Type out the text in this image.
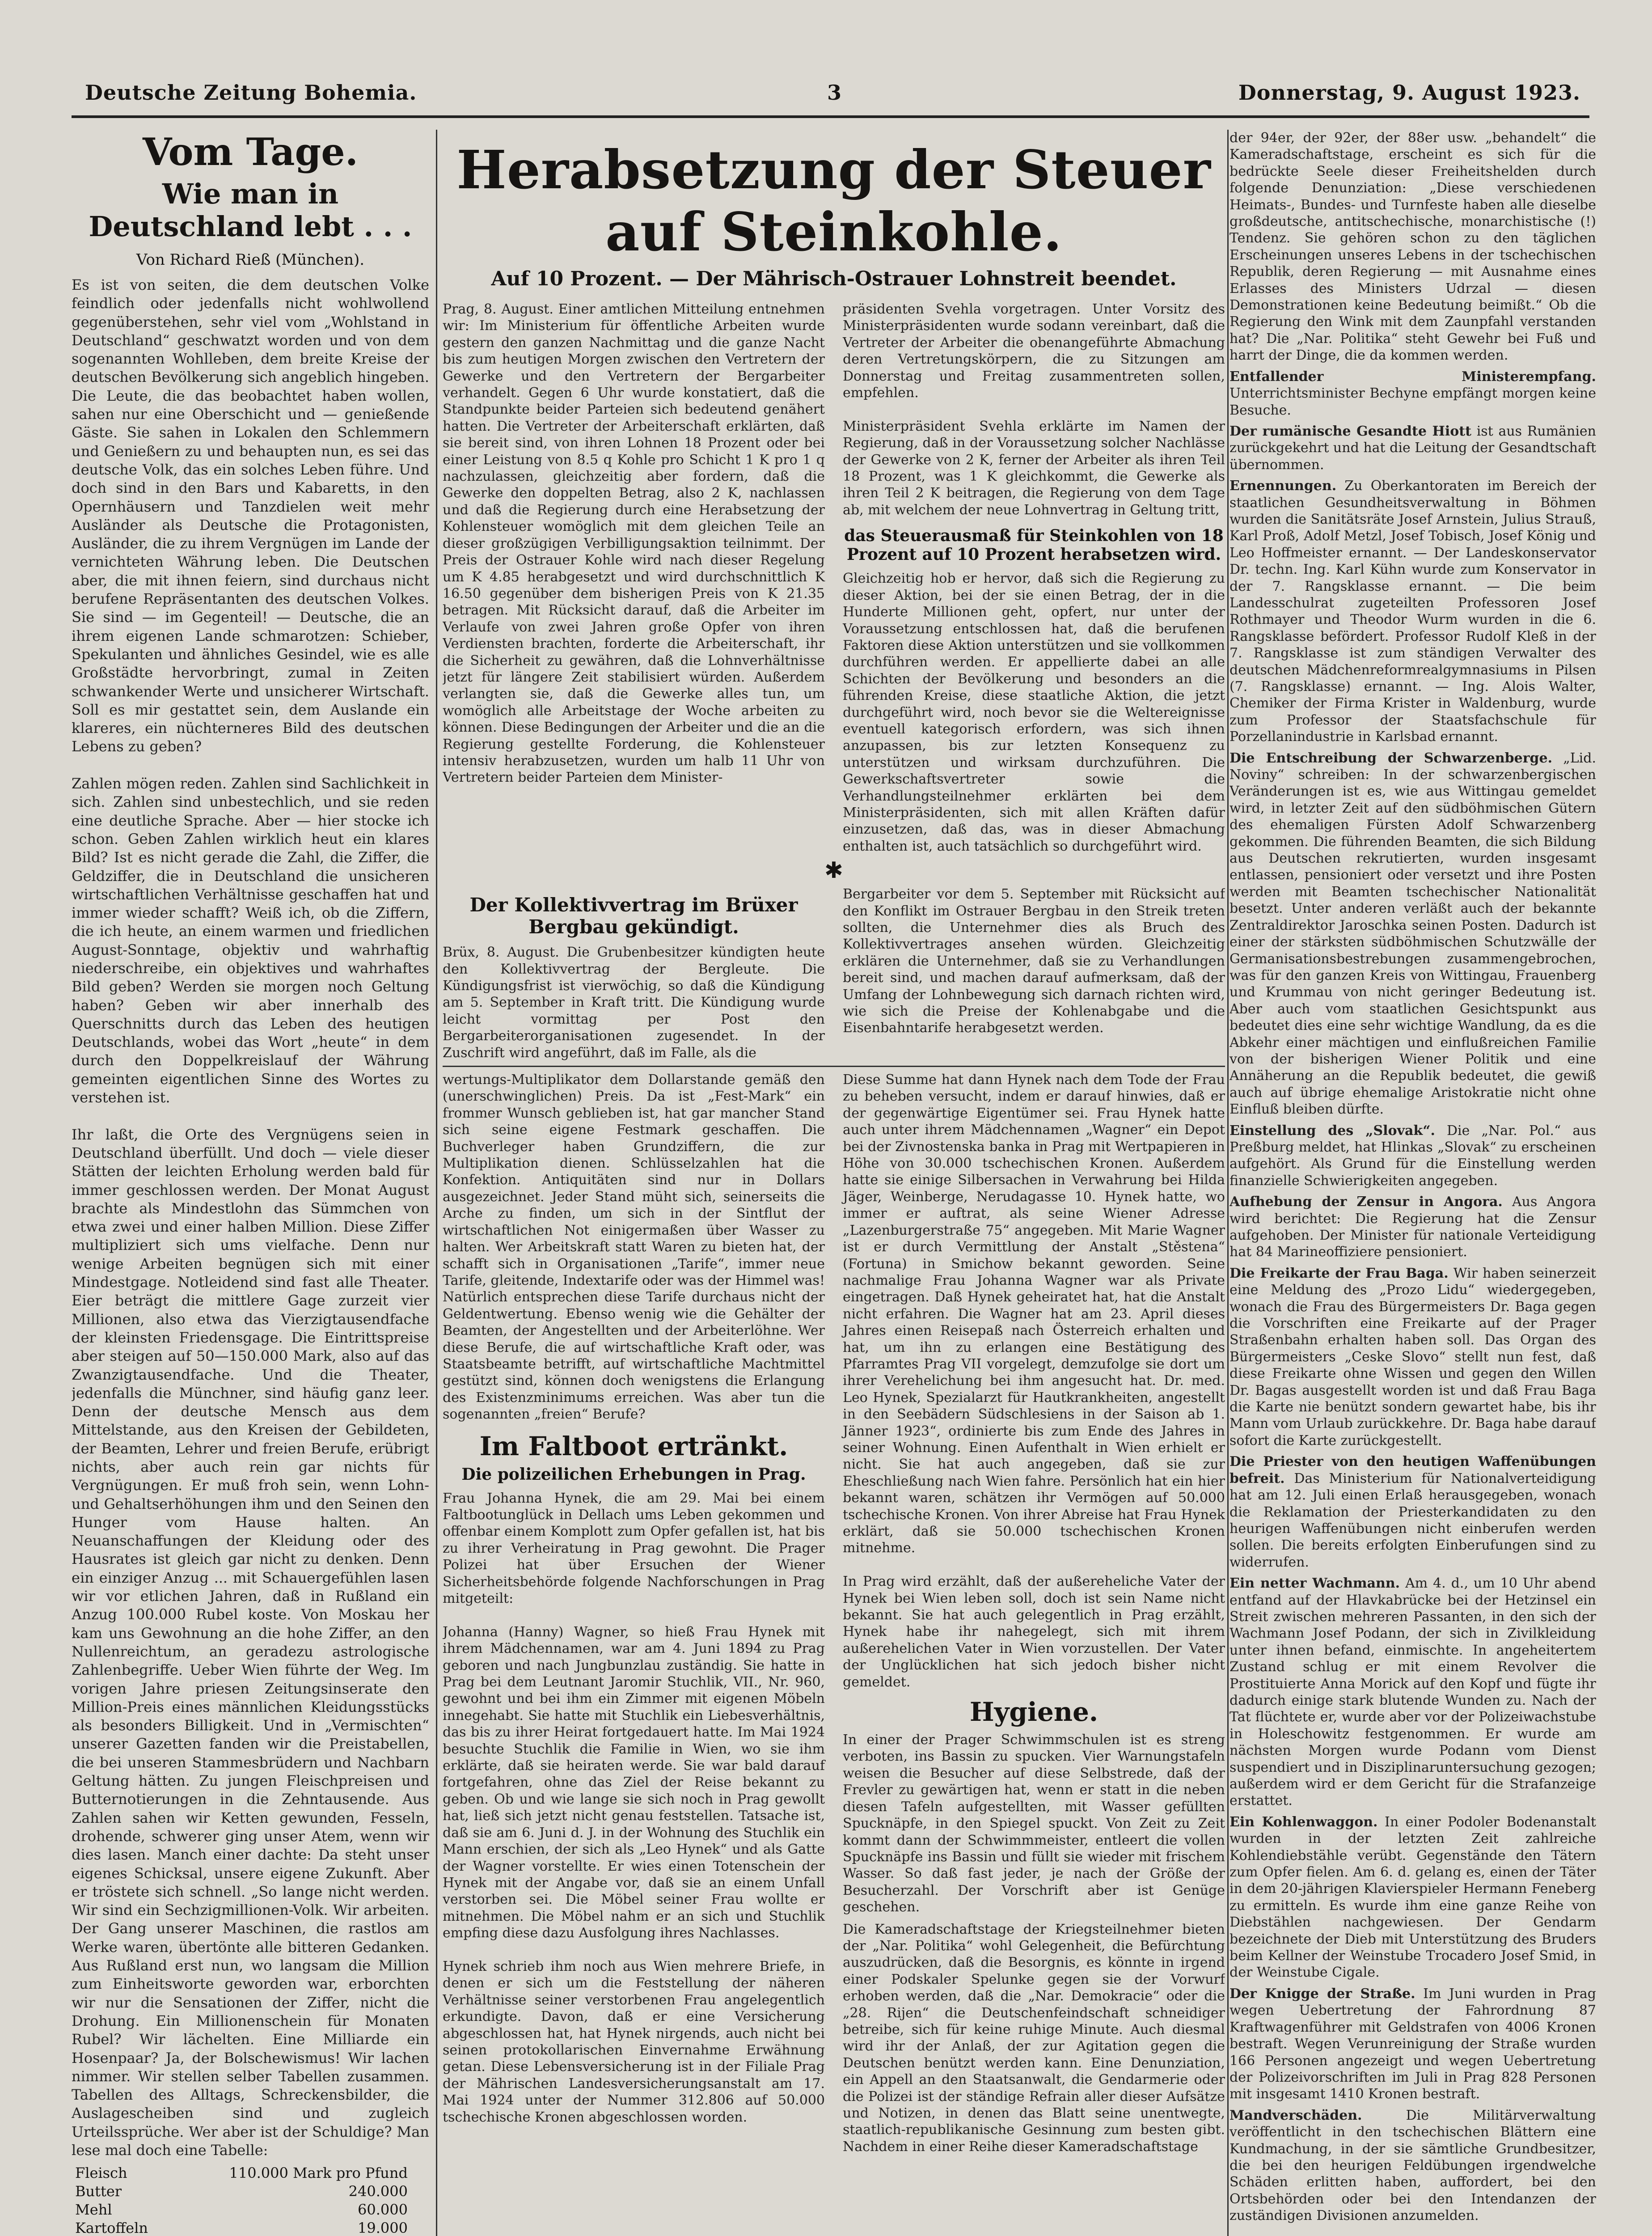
Deutsche Zeitung Bohemia.	3	Donnerstag, 9. August 1923.
Vom Tage.
Wie man in Deutschland lebt . . .
Von Richard Rieß (München).

Es ist von seiten, die dem deutschen Volke feindlich oder jedenfalls nicht wohlwollend gegenüberstehen, sehr viel vom „Wohlstand in Deutschland“ geschwatzt worden und von dem sogenannten Wohlleben, dem breite Kreise der deutschen Bevölkerung sich angeblich hingeben. Die Leute, die das beobachtet haben wollen, sahen nur eine Oberschicht und — genießende Gäste. Sie sahen in Lokalen den Schlemmern und Genießern zu und behaupten nun, es sei das deutsche Volk, das ein solches Leben führe. Und doch sind in den Bars und Kabaretts, in den Opernhäusern und Tanzdielen weit mehr Ausländer als Deutsche die Protagonisten, Ausländer, die zu ihrem Vergnügen im Lande der vernichteten Währung leben. Die Deutschen aber, die mit ihnen feiern, sind durchaus nicht berufene Repräsentanten des deutschen Volkes. Sie sind — im Gegenteil! — Deutsche, die an ihrem eigenen Lande schmarotzen: Schieber, Spekulanten und ähnliches Gesindel, wie es alle Großstädte hervorbringt, zumal in Zeiten schwankender Werte und unsicherer Wirtschaft. Soll es mir gestattet sein, dem Auslande ein klareres, ein nüchterneres Bild des deutschen Lebens zu geben?

Zahlen mögen reden. Zahlen sind Sachlichkeit in sich. Zahlen sind unbestechlich, und sie reden eine deutliche Sprache. Aber — hier stocke ich schon. Geben Zahlen wirklich heut ein klares Bild? Ist es nicht gerade die Zahl, die Ziffer, die Geldziffer, die in Deutschland die unsicheren wirtschaftlichen Verhältnisse geschaffen hat und immer wieder schafft? Weiß ich, ob die Ziffern, die ich heute, an einem warmen und friedlichen August-Sonntage, objektiv und wahrhaftig niederschreibe, ein objektives und wahrhaftes Bild geben? Werden sie morgen noch Geltung haben? Geben wir aber innerhalb des Querschnitts durch das Leben des heutigen Deutschlands, wobei das Wort „heute“ in dem durch den Doppelkreislauf der Währung gemeinten eigentlichen Sinne des Wortes zu verstehen ist.

Ihr laßt, die Orte des Vergnügens seien in Deutschland überfüllt. Und doch — viele dieser Stätten der leichten Erholung werden bald für immer geschlossen werden. Der Monat August brachte als Mindestlohn das Sümmchen von etwa zwei und einer halben Million. Diese Ziffer multipliziert sich ums vielfache. Denn nur wenige Arbeiten begnügen sich mit einer Mindestgage. Notleidend sind fast alle Theater. Eier beträgt die mittlere Gage zurzeit vier Millionen, also etwa das Vierzigtausendfache der kleinsten Friedensgage. Die Eintrittspreise aber steigen auf 50—150.000 Mark, also auf das Zwanzigtausendfache. Und die Theater, jedenfalls die Münchner, sind häufig ganz leer. Denn der deutsche Mensch aus dem Mittelstande, aus den Kreisen der Gebildeten, der Beamten, Lehrer und freien Berufe, erübrigt nichts, aber auch rein gar nichts für Vergnügungen. Er muß froh sein, wenn Lohn- und Gehaltserhöhungen ihm und den Seinen den Hunger vom Hause halten. An Neuanschaffungen der Kleidung oder des Hausrates ist gleich gar nicht zu denken. Denn ein einziger Anzug ... mit Schauergefühlen lasen wir vor etlichen Jahren, daß in Rußland ein Anzug 100.000 Rubel koste. Von Moskau her kam uns Gewohnung an die hohe Ziffer, an den Nullenreichtum, an geradezu astrologische Zahlenbegriffe. Ueber Wien führte der Weg. Im vorigen Jahre priesen Zeitungsinserate den Million-Preis eines männlichen Kleidungsstücks als besonders Billigkeit. Und in „Vermischten“ unserer Gazetten fanden wir die Preistabellen, die bei unseren Stammesbrüdern und Nachbarn Geltung hätten. Zu jungen Fleischpreisen und Butternotierungen in die Zehntausende. Aus Zahlen sahen wir Ketten gewunden, Fesseln, drohende, schwerer ging unser Atem, wenn wir dies lasen. Manch einer dachte: Da steht unser eigenes Schicksal, unsere eigene Zukunft. Aber er tröstete sich schnell. „So lange nicht werden. Wir sind ein Sechzigmillionen-Volk. Wir arbeiten. Der Gang unserer Maschinen, die rastlos am Werke waren, übertönte alle bitteren Gedanken. Aus Rußland erst nun, wo langsam die Million zum Einheitsworte geworden war, erborchten wir nur die Sensationen der Ziffer, nicht die Drohung. Ein Millionenschein für Monaten Rubel? Wir lächelten. Eine Milliarde ein Hosenpaar? Ja, der Bolschewismus! Wir lachen nimmer. Wir stellen selber Tabellen zusammen. Tabellen des Alltags, Schreckensbilder, die Auslagescheiben sind und zugleich Urteilssprüche. Wer aber ist der Schuldige? Man lese mal doch eine Tabelle:

Fleisch	110.000 Mark pro Pfund
Butter	240.000
Mehl	60.000
Kartoffeln	19.000

Herabsetzung der Steuer auf Steinkohle.
Auf 10 Prozent. — Der Mährisch-Ostrauer Lohnstreit beendet.

Prag, 8. August. Einer amtlichen Mitteilung entnehmen wir: Im Ministerium für öffentliche Arbeiten wurde gestern den ganzen Nachmittag und die ganze Nacht bis zum heutigen Morgen zwischen den Vertretern der Gewerke und den Vertretern der Bergarbeiter verhandelt. Gegen 6 Uhr wurde konstatiert, daß die Standpunkte beider Parteien sich bedeutend genähert hatten. Die Vertreter der Arbeiterschaft erklärten, daß sie bereit sind, von ihren Lohnen 18 Prozent oder bei einer Leistung von 8.5 q Kohle pro Schicht 1 K pro 1 q nachzulassen, gleichzeitig aber fordern, daß die Gewerke den doppelten Betrag, also 2 K, nachlassen und daß die Regierung durch eine Herabsetzung der Kohlensteuer womöglich mit dem gleichen Teile an dieser großzügigen Verbilligungsaktion teilnimmt. Der Preis der Ostrauer Kohle wird nach dieser Regelung um K 4.85 herabgesetzt und wird durchschnittlich K 16.50 gegenüber dem bisherigen Preis von K 21.35 betragen. Mit Rücksicht darauf, daß die Arbeiter im Verlaufe von zwei Jahren große Opfer von ihren Verdiensten brachten, forderte die Arbeiterschaft, ihr die Sicherheit zu gewähren, daß die Lohnverhältnisse jetzt für längere Zeit stabilisiert würden. Außerdem verlangten sie, daß die Gewerke alles tun, um womöglich alle Arbeitstage der Woche arbeiten zu können. Diese Bedingungen der Arbeiter und die an die Regierung gestellte Forderung, die Kohlensteuer intensiv herabzusetzen, wurden um halb 11 Uhr von Vertretern beider Parteien dem Minister-

präsidenten Svehla vorgetragen. Unter Vorsitz des Ministerpräsidenten wurde sodann vereinbart, daß die Vertreter der Arbeiter die obenangeführte Abmachung deren Vertretungskörpern, die zu Sitzungen am Donnerstag und Freitag zusammentreten sollen, empfehlen.

Ministerpräsident Svehla erklärte im Namen der Regierung, daß in der Voraussetzung solcher Nachlässe der Gewerke von 2 K, ferner der Arbeiter als ihren Teil 18 Prozent, was 1 K gleichkommt, die Gewerke als ihren Teil 2 K beitragen, die Regierung von dem Tage ab, mit welchem der neue Lohnvertrag in Geltung tritt,

das Steuerausmaß für Steinkohlen von 18 Prozent auf 10 Prozent herabsetzen wird.

Gleichzeitig hob er hervor, daß sich die Regierung zu dieser Aktion, bei der sie einen Betrag, der in die Hunderte Millionen geht, opfert, nur unter der Voraussetzung entschlossen hat, daß die berufenen Faktoren diese Aktion unterstützen und sie vollkommen durchführen werden. Er appellierte dabei an alle Schichten der Bevölkerung und besonders an die führenden Kreise, diese staatliche Aktion, die jetzt durchgeführt wird, noch bevor sie die Weltereignisse eventuell kategorisch erfordern, was sich ihnen anzupassen, bis zur letzten Konsequenz zu unterstützen und wirksam durchzuführen. Die Gewerkschaftsvertreter sowie die Verhandlungsteilnehmer erklärten bei dem Ministerpräsidenten, sich mit allen Kräften dafür einzusetzen, daß das, was in dieser Abmachung enthalten ist, auch tatsächlich so durchgeführt wird.

✱
Der Kollektivvertrag im Brüxer Bergbau gekündigt.

Brüx, 8. August. Die Grubenbesitzer kündigten heute den Kollektivvertrag der Bergleute. Die Kündigungsfrist ist vierwöchig, so daß die Kündigung am 5. September in Kraft tritt. Die Kündigung wurde leicht vormittag per Post den Bergarbeiterorganisationen zugesendet. In der Zuschrift wird angeführt, daß im Falle, als die

Bergarbeiter vor dem 5. September mit Rücksicht auf den Konflikt im Ostrauer Bergbau in den Streik treten sollten, die Unternehmer dies als Bruch des Kollektivvertrages ansehen würden. Gleichzeitig erklären die Unternehmer, daß sie zu Verhandlungen bereit sind, und machen darauf aufmerksam, daß der Umfang der Lohnbewegung sich darnach richten wird, wie sich die Preise der Kohlenabgabe und die Eisenbahntarife herabgesetzt werden.

wertungs-Multiplikator dem Dollarstande gemäß den (unerschwinglichen) Preis. Da ist „Fest-Mark“ ein frommer Wunsch geblieben ist, hat gar mancher Stand sich seine eigene Festmark geschaffen. Die Buchverleger haben Grundziffern, die zur Multiplikation dienen. Schlüsselzahlen hat die Konfektion. Antiquitäten sind nur in Dollars ausgezeichnet. Jeder Stand müht sich, seinerseits die Arche zu finden, um sich in der Sintflut der wirtschaftlichen Not einigermaßen über Wasser zu halten. Wer Arbeitskraft statt Waren zu bieten hat, der schafft sich in Organisationen „Tarife“, immer neue Tarife, gleitende, Indextarife oder was der Himmel was! Natürlich entsprechen diese Tarife durchaus nicht der Geldentwertung. Ebenso wenig wie die Gehälter der Beamten, der Angestellten und der Arbeiterlöhne. Wer diese Berufe, die auf wirtschaftliche Kraft oder, was Staatsbeamte betrifft, auf wirtschaftliche Machtmittel gestützt sind, können doch wenigstens die Erlangung des Existenzminimums erreichen. Was aber tun die sogenannten „freien“ Berufe?

Im Faltboot ertränkt.
Die polizeilichen Erhebungen in Prag.

Frau Johanna Hynek, die am 29. Mai bei einem Faltbootunglück in Dellach ums Leben gekommen und offenbar einem Komplott zum Opfer gefallen ist, hat bis zu ihrer Verheiratung in Prag gewohnt. Die Prager Polizei hat über Ersuchen der Wiener Sicherheitsbehörde folgende Nachforschungen in Prag mitgeteilt:

Johanna (Hanny) Wagner, so hieß Frau Hynek mit ihrem Mädchennamen, war am 4. Juni 1894 zu Prag geboren und nach Jungbunzlau zuständig. Sie hatte in Prag bei dem Leutnant Jaromir Stuchlik, VII., Nr. 960, gewohnt und bei ihm ein Zimmer mit eigenen Möbeln innegehabt. Sie hatte mit Stuchlik ein Liebesverhältnis, das bis zu ihrer Heirat fortgedauert hatte. Im Mai 1924 besuchte Stuchlik die Familie in Wien, wo sie ihm erklärte, daß sie heiraten werde. Sie war bald darauf fortgefahren, ohne das Ziel der Reise bekannt zu geben. Ob und wie lange sie sich noch in Prag gewollt hat, ließ sich jetzt nicht genau feststellen. Tatsache ist, daß sie am 6. Juni d. J. in der Wohnung des Stuchlik ein Mann erschien, der sich als „Leo Hynek“ und als Gatte der Wagner vorstellte. Er wies einen Totenschein der Hynek mit der Angabe vor, daß sie an einem Unfall verstorben sei. Die Möbel seiner Frau wollte er mitnehmen. Die Möbel nahm er an sich und Stuchlik empfing diese dazu Ausfolgung ihres Nachlasses.

Hynek schrieb ihm noch aus Wien mehrere Briefe, in denen er sich um die Feststellung der näheren Verhältnisse seiner verstorbenen Frau angelegentlich erkundigte. Davon, daß er eine Versicherung abgeschlossen hat, hat Hynek nirgends, auch nicht bei seinen protokollarischen Einvernahme Erwähnung getan. Diese Lebensversicherung ist in der Filiale Prag der Mährischen Landesversicherungsanstalt am 17. Mai 1924 unter der Nummer 312.806 auf 50.000 tschechische Kronen abgeschlossen worden.

Diese Summe hat dann Hynek nach dem Tode der Frau zu beheben versucht, indem er darauf hinwies, daß er der gegenwärtige Eigentümer sei. Frau Hynek hatte auch unter ihrem Mädchennamen „Wagner“ ein Depot bei der Zivnostenska banka in Prag mit Wertpapieren in Höhe von 30.000 tschechischen Kronen. Außerdem hatte sie einige Silbersachen in Verwahrung bei Hilda Jäger, Weinberge, Nerudagasse 10. Hynek hatte, wo immer er auftrat, als seine Wiener Adresse „Lazenburgerstraße 75“ angegeben. Mit Marie Wagner ist er durch Vermittlung der Anstalt „Stěstena“ (Fortuna) in Smichow bekannt geworden. Seine nachmalige Frau Johanna Wagner war als Private eingetragen. Daß Hynek geheiratet hat, hat die Anstalt nicht erfahren. Die Wagner hat am 23. April dieses Jahres einen Reisepaß nach Österreich erhalten und hat, um ihn zu erlangen eine Bestätigung des Pfarramtes Prag VII vorgelegt, demzufolge sie dort um ihrer Verehelichung bei ihm angesucht hat. Dr. med. Leo Hynek, Spezialarzt für Hautkrankheiten, angestellt in den Seebädern Südschlesiens in der Saison ab 1. Jänner 1923“, ordinierte bis zum Ende des Jahres in seiner Wohnung. Einen Aufenthalt in Wien erhielt er nicht. Sie hat auch angegeben, daß sie zur Eheschließung nach Wien fahre. Persönlich hat ein hier bekannt waren, schätzen ihr Vermögen auf 50.000 tschechische Kronen. Von ihrer Abreise hat Frau Hynek erklärt, daß sie 50.000 tschechischen Kronen mitnehme.

In Prag wird erzählt, daß der außereheliche Vater der Hynek bei Wien leben soll, doch ist sein Name nicht bekannt. Sie hat auch gelegentlich in Prag erzählt, Hynek habe ihr nahegelegt, sich mit ihrem außerehelichen Vater in Wien vorzustellen. Der Vater der Unglücklichen hat sich jedoch bisher nicht gemeldet.

Hygiene.

In einer der Prager Schwimmschulen ist es streng verboten, ins Bassin zu spucken. Vier Warnungstafeln weisen die Besucher auf diese Selbstrede, daß der Frevler zu gewärtigen hat, wenn er statt in die neben diesen Tafeln aufgestellten, mit Wasser gefüllten Spucknäpfe, in den Spiegel spuckt. Von Zeit zu Zeit kommt dann der Schwimmmeister, entleert die vollen Spucknäpfe ins Bassin und füllt sie wieder mit frischem Wasser. So daß fast jeder, je nach der Größe der Besucherzahl. Der Vorschrift aber ist Genüge geschehen.

Die Kameradschaftstage der Kriegsteilnehmer bieten der „Nar. Politika“ wohl Gelegenheit, die Befürchtung auszudrücken, daß die Besorgnis, es könnte in irgend einer Podskaler Spelunke gegen sie der Vorwurf erhoben werden, daß die „Nar. Demokracie“ oder die „28. Rijen“ die Deutschenfeindschaft schneidiger betreibe, sich für keine ruhige Minute. Auch diesmal wird ihr der Anlaß, der zur Agitation gegen die Deutschen benützt werden kann. Eine Denunziation, ein Appell an den Staatsanwalt, die Gendarmerie oder die Polizei ist der ständige Refrain aller dieser Aufsätze und Notizen, in denen das Blatt seine unentwegte, staatlich-republikanische Gesinnung zum besten gibt. Nachdem in einer Reihe dieser Kameradschaftstage

der 94er, der 92er, der 88er usw. „behandelt“ die Kameradschaftstage, erscheint es sich für die bedrückte Seele dieser Freiheitshelden durch folgende Denunziation: „Diese verschiedenen Heimats-, Bundes- und Turnfeste haben alle dieselbe großdeutsche, antitschechische, monarchistische (!) Tendenz. Sie gehören schon zu den täglichen Erscheinungen unseres Lebens in der tschechischen Republik, deren Regierung — mit Ausnahme eines Erlasses des Ministers Udrzal — diesen Demonstrationen keine Bedeutung beimißt.“ Ob die Regierung den Wink mit dem Zaunpfahl verstanden hat? Die „Nar. Politika“ steht Gewehr bei Fuß und harrt der Dinge, die da kommen werden.

Entfallender Ministerempfang. Unterrichtsminister Bechyne empfängt morgen keine Besuche.

Der rumänische Gesandte Hiott ist aus Rumänien zurückgekehrt und hat die Leitung der Gesandtschaft übernommen.

Ernennungen. Zu Oberkantoraten im Bereich der staatlichen Gesundheitsverwaltung in Böhmen wurden die Sanitätsräte Josef Arnstein, Julius Strauß, Karl Proß, Adolf Metzl, Josef Tobisch, Josef König und Leo Hoffmeister ernannt. — Der Landeskonservator Dr. techn. Ing. Karl Kühn wurde zum Konservator in der 7. Rangsklasse ernannt. — Die beim Landesschulrat zugeteilten Professoren Josef Rothmayer und Theodor Wurm wurden in die 6. Rangsklasse befördert. Professor Rudolf Kleß in der 7. Rangsklasse ist zum ständigen Verwalter des deutschen Mädchenreformrealgymnasiums in Pilsen (7. Rangsklasse) ernannt. — Ing. Alois Walter, Chemiker der Firma Krister in Waldenburg, wurde zum Professor der Staatsfachschule für Porzellanindustrie in Karlsbad ernannt.

Die Entschreibung der Schwarzenberge. „Lid. Noviny“ schreiben: In der schwarzenbergischen Veränderungen ist es, wie aus Wittingau gemeldet wird, in letzter Zeit auf den südböhmischen Gütern des ehemaligen Fürsten Adolf Schwarzenberg gekommen. Die führenden Beamten, die sich Bildung aus Deutschen rekrutierten, wurden insgesamt entlassen, pensioniert oder versetzt und ihre Posten werden mit Beamten tschechischer Nationalität besetzt. Unter anderen verläßt auch der bekannte Zentraldirektor Jaroschka seinen Posten. Dadurch ist einer der stärksten südböhmischen Schutzwälle der Germanisationsbestrebungen zusammengebrochen, was für den ganzen Kreis von Wittingau, Frauenberg und Krummau von nicht geringer Bedeutung ist. Aber auch vom staatlichen Gesichtspunkt aus bedeutet dies eine sehr wichtige Wandlung, da es die Abkehr einer mächtigen und einflußreichen Familie von der bisherigen Wiener Politik und eine Annäherung an die Republik bedeutet, die gewiß auch auf übrige ehemalige Aristokratie nicht ohne Einfluß bleiben dürfte.

Einstellung des „Slovak“. Die „Nar. Pol.“ aus Preßburg meldet, hat Hlinkas „Slovak“ zu erscheinen aufgehört. Als Grund für die Einstellung werden finanzielle Schwierigkeiten angegeben.

Aufhebung der Zensur in Angora. Aus Angora wird berichtet: Die Regierung hat die Zensur aufgehoben. Der Minister für nationale Verteidigung hat 84 Marineoffiziere pensioniert.

Die Freikarte der Frau Baga. Wir haben seinerzeit eine Meldung des „Prozo Lidu“ wiedergegeben, wonach die Frau des Bürgermeisters Dr. Baga gegen die Vorschriften eine Freikarte auf der Prager Straßenbahn erhalten haben soll. Das Organ des Bürgermeisters „Ceske Slovo“ stellt nun fest, daß diese Freikarte ohne Wissen und gegen den Willen Dr. Bagas ausgestellt worden ist und daß Frau Baga die Karte nie benützt sondern gewartet habe, bis ihr Mann vom Urlaub zurückkehre. Dr. Baga habe darauf sofort die Karte zurückgestellt.

Die Priester von den heutigen Waffenübungen befreit. Das Ministerium für Nationalverteidigung hat am 12. Juli einen Erlaß herausgegeben, wonach die Reklamation der Priesterkandidaten zu den heurigen Waffenübungen nicht einberufen werden sollen. Die bereits erfolgten Einberufungen sind zu widerrufen.

Ein netter Wachmann. Am 4. d., um 10 Uhr abend entfand auf der Hlavkabrücke bei der Hetzinsel ein Streit zwischen mehreren Passanten, in den sich der Wachmann Josef Podann, der sich in Zivilkleidung unter ihnen befand, einmischte. In angeheitertem Zustand schlug er mit einem Revolver die Prostituierte Anna Morick auf den Kopf und fügte ihr dadurch einige stark blutende Wunden zu. Nach der Tat flüchtete er, wurde aber vor der Polizeiwachstube in Holeschowitz festgenommen. Er wurde am nächsten Morgen wurde Podann vom Dienst suspendiert und in Disziplinaruntersuchung gezogen; außerdem wird er dem Gericht für die Strafanzeige erstattet.

Ein Kohlenwaggon. In einer Podoler Bodenanstalt wurden in der letzten Zeit zahlreiche Kohlendiebstähle verübt. Gegenstände den Tätern zum Opfer fielen. Am 6. d. gelang es, einen der Täter in dem 20-jährigen Klavierspieler Hermann Feneberg zu ermitteln. Es wurde ihm eine ganze Reihe von Diebstählen nachgewiesen. Der Gendarm bezeichnete der Dieb mit Unterstützung des Bruders beim Kellner der Weinstube Trocadero Josef Smid, in der Weinstube Cigale.

Der Knigge der Straße. Im Juni wurden in Prag wegen Uebertretung der Fahrordnung 87 Kraftwagenführer mit Geldstrafen von 4006 Kronen bestraft. Wegen Verunreinigung der Straße wurden 166 Personen angezeigt und wegen Uebertretung der Polizeivorschriften im Juli in Prag 828 Personen mit insgesamt 1410 Kronen bestraft.

Mandverschäden. Die Militärverwaltung veröffentlicht in den tschechischen Blättern eine Kundmachung, in der sie sämtliche Grundbesitzer, die bei den heurigen Feldübungen irgendwelche Schäden erlitten haben, auffordert, bei den Ortsbehörden oder bei den Intendanzen der zuständigen Divisionen anzumelden.
